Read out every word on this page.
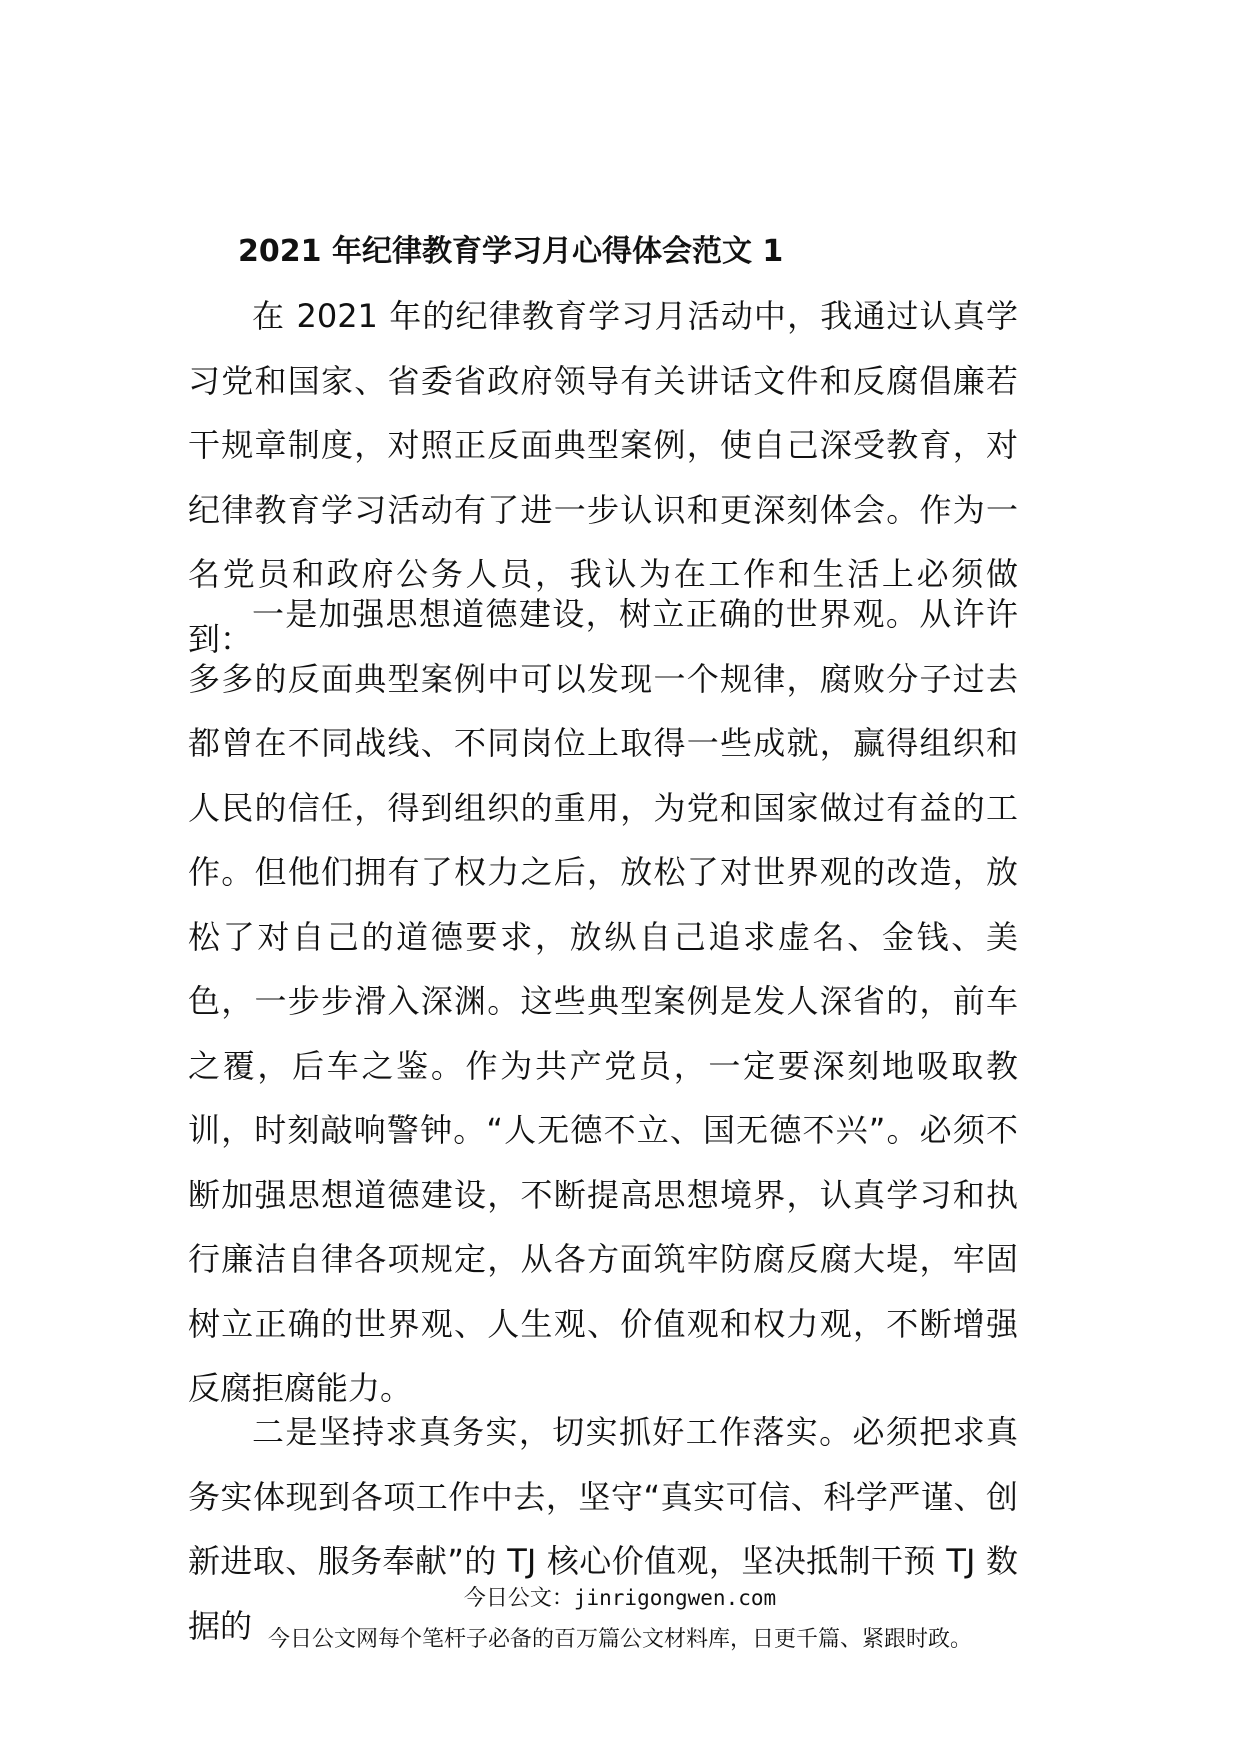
2021 年纪律教育学习月心得体会范文 1

在 2021 年的纪律教育学习月活动中，我通过认真学习党和国家、省委省政府领导有关讲话文件和反腐倡廉若干规章制度，对照正反面典型案例，使自己深受教育，对纪律教育学习活动有了进一步认识和更深刻体会。作为一名党员和政府公务人员，我认为在工作和生活上必须做到：

一是加强思想道德建设，树立正确的世界观。从许许多多的反面典型案例中可以发现一个规律，腐败分子过去都曾在不同战线、不同岗位上取得一些成就，赢得组织和人民的信任，得到组织的重用，为党和国家做过有益的工作。但他们拥有了权力之后，放松了对世界观的改造，放松了对自己的道德要求，放纵自己追求虚名、金钱、美色，一步步滑入深渊。这些典型案例是发人深省的，前车之覆，后车之鉴。作为共产党员，一定要深刻地吸取教训，时刻敲响警钟。“人无德不立、国无德不兴”。必须不断加强思想道德建设，不断提高思想境界，认真学习和执行廉洁自律各项规定，从各方面筑牢防腐反腐大堤，牢固树立正确的世界观、人生观、价值观和权力观，不断增强反腐拒腐能力。

二是坚持求真务实，切实抓好工作落实。必须把求真务实体现到各项工作中去，坚守“真实可信、科学严谨、创新进取、服务奉献”的 TJ 核心价值观，坚决抵制干预 TJ 数据的

今日公文：jinrigongwen.com
今日公文网每个笔杆子必备的百万篇公文材料库，日更千篇、紧跟时政。
